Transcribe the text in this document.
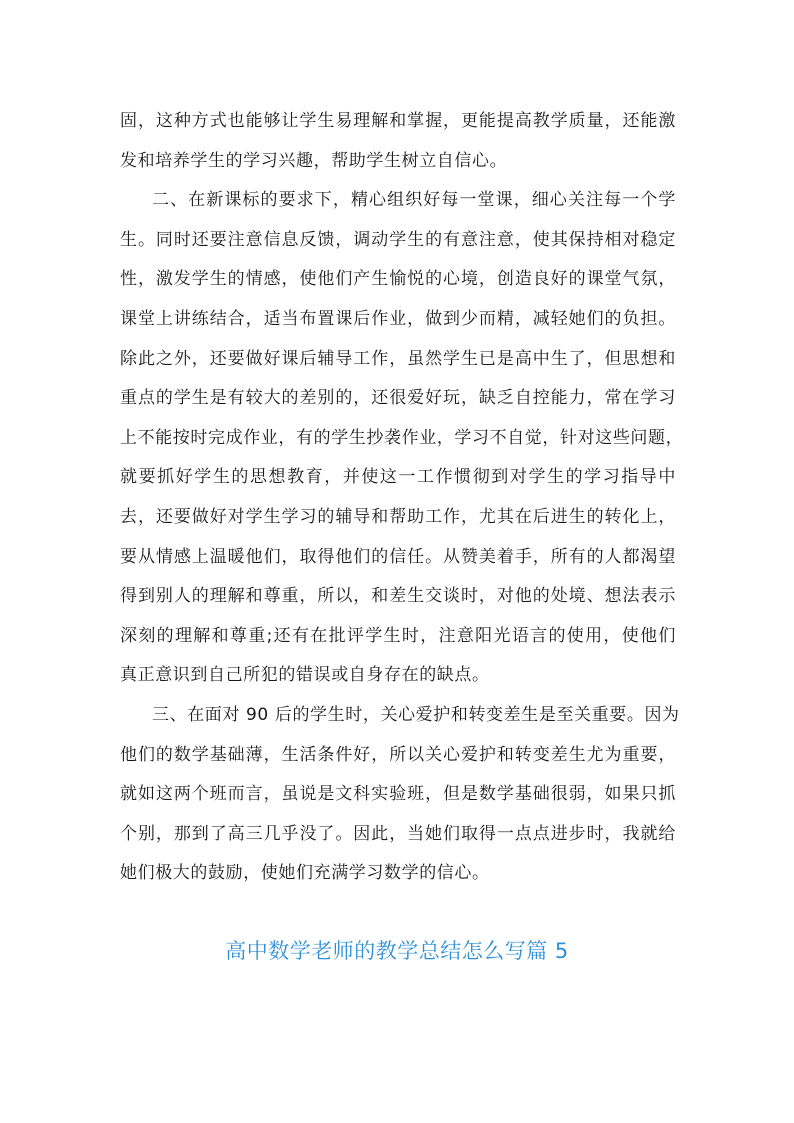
固，这种方式也能够让学生易理解和掌握，更能提高教学质量，还能激
发和培养学生的学习兴趣，帮助学生树立自信心。
二、在新课标的要求下，精心组织好每一堂课，细心关注每一个学
生。同时还要注意信息反馈，调动学生的有意注意，使其保持相对稳定
性，激发学生的情感，使他们产生愉悦的心境，创造良好的课堂气氛，
课堂上讲练结合，适当布置课后作业，做到少而精，减轻她们的负担。
除此之外，还要做好课后辅导工作，虽然学生已是高中生了，但思想和
重点的学生是有较大的差别的，还很爱好玩，缺乏自控能力，常在学习
上不能按时完成作业，有的学生抄袭作业，学习不自觉，针对这些问题，
就要抓好学生的思想教育，并使这一工作惯彻到对学生的学习指导中
去，还要做好对学生学习的辅导和帮助工作，尤其在后进生的转化上，
要从情感上温暖他们，取得他们的信任。从赞美着手，所有的人都渴望
得到别人的理解和尊重，所以，和差生交谈时，对他的处境、想法表示
深刻的理解和尊重;还有在批评学生时，注意阳光语言的使用，使他们
真正意识到自己所犯的错误或自身存在的缺点。
三、在面对 90 后的学生时，关心爱护和转变差生是至关重要。因为
他们的数学基础薄，生活条件好，所以关心爱护和转变差生尤为重要，
就如这两个班而言，虽说是文科实验班，但是数学基础很弱，如果只抓
个别，那到了高三几乎没了。因此，当她们取得一点点进步时，我就给
她们极大的鼓励，使她们充满学习数学的信心。
高中数学老师的教学总结怎么写篇 5
